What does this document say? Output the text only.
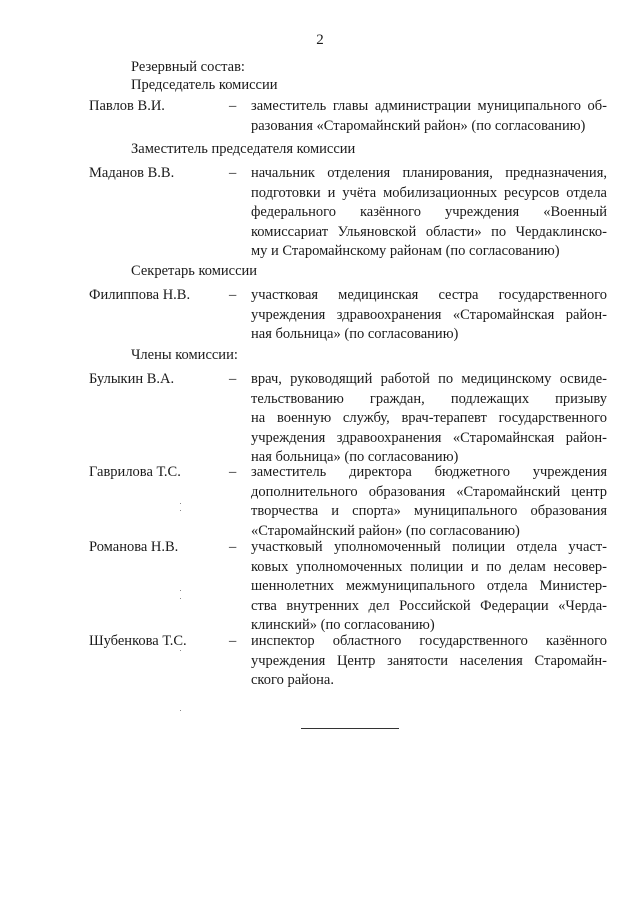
2
Резервный состав:
Председатель комиссии
Павлов В.И.	– заместитель главы администрации муниципального об-
разования «Старомайнский район» (по согласованию)
Заместитель председателя комиссии
Маданов В.В.	– начальник отделения планирования, предназначения,
подготовки и учёта мобилизационных ресурсов отдела
федерального казённого учреждения «Военный
комиссариат Ульяновской области» по Чердаклинско-
му и Старомайнскому районам (по согласованию)
Секретарь комиссии
Филиппова Н.В.	– участковая медицинская сестра государственного
учреждения здравоохранения «Старомайнская район-
ная больница» (по согласованию)
Члены комиссии:
Булыкин В.А.	– врач, руководящий работой по медицинскому освиде-
тельствованию граждан, подлежащих призыву
на военную службу, врач-терапевт государственного
учреждения здравоохранения «Старомайнская район-
ная больница» (по согласованию)
Гаврилова Т.С.	– заместитель директора бюджетного учреждения
дополнительного образования «Старомайнский центр
творчества и спорта» муниципального образования
«Старомайнский район» (по согласованию)
Романова Н.В.	– участковый уполномоченный полиции отдела участ-
ковых уполномоченных полиции и по делам несовер-
шеннолетних межмуниципального отдела Министер-
ства внутренних дел Российской Федерации «Черда-
клинский» (по согласованию)
Шубенкова Т.С.	– инспектор областного государственного казённого
учреждения Центр занятости населения Старомайн-
ского района.
